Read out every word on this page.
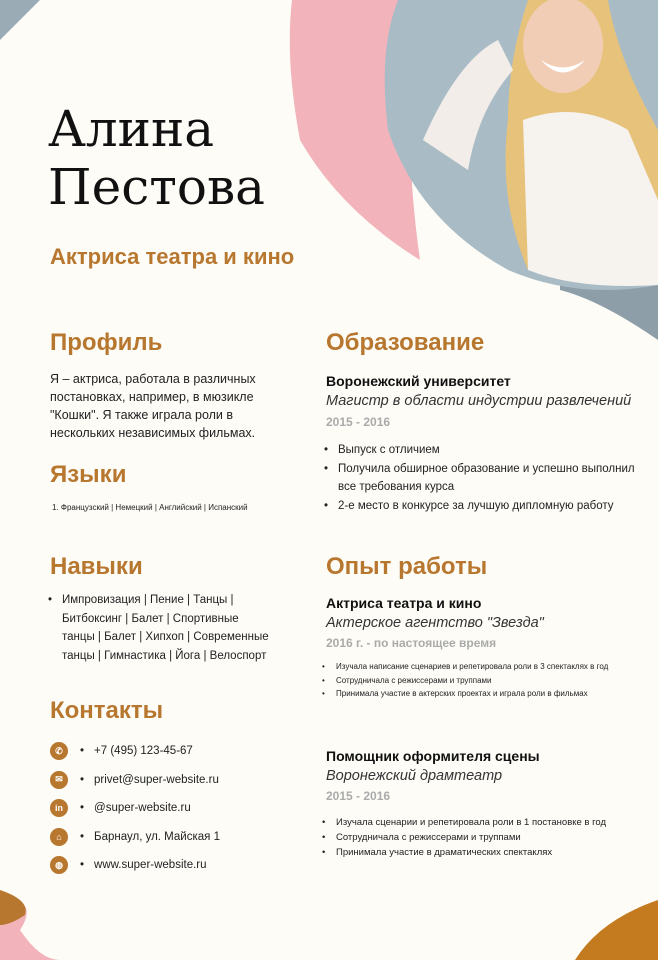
Алина
Пестова
Актриса театра и кино
Профиль
Я – актриса, работала в различных постановках, например, в мюзикле "Кошки". Я также играла роли в нескольких независимых фильмах.
Языки
1. Французский | Немецкий | Английский | Испанский
Навыки
• Импровизация | Пение | Танцы | Битбоксинг | Балет | Спортивные танцы | Балет | Хипхоп | Современные танцы | Гимнастика | Йога | Велоспорт
Контакты
✆	• +7 (495) 123-45-67
✉	• privet@super-website.ru
in	• @super-website.ru
⌂	• Барнаул, ул. Майская 1
◍	• www.super-website.ru
Образование
Воронежский университет
Магистр в области индустрии развлечений
2015 - 2016
• Выпуск с отличием
• Получила обширное образование и успешно выполнил все требования курса
• 2-е место в конкурсе за лучшую дипломную работу
Опыт работы
Актриса театра и кино
Актерское агентство "Звезда"
2016 г. - по настоящее время
• Изучала написание сценариев и репетировала роли в 3 спектаклях в год
• Сотрудничала с режиссерами и труппами
• Принимала участие в актерских проектах и играла роли в фильмах
Помощник оформителя сцены
Воронежский драмтеатр
2015 - 2016
• Изучала сценарии и репетировала роли в 1 постановке в год
• Сотрудничала с режиссерами и труппами
• Принимала участие в драматических спектаклях
